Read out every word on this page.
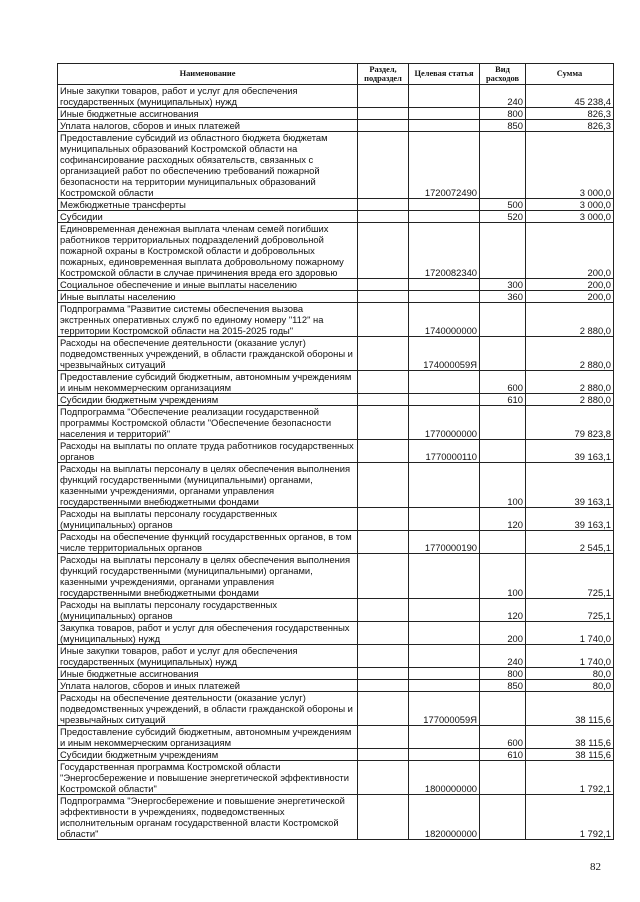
Наименование	Раздел, подраздел	Целевая статья	Вид расходов	Сумма
Иные закупки товаров, работ и услуг для обеспечения государственных (муниципальных) нужд			240	45 238,4
Иные бюджетные ассигнования			800	826,3
Уплата налогов, сборов и иных платежей			850	826,3
Предоставление субсидий из областного бюджета бюджетам муниципальных образований Костромской области на софинансирование расходных обязательств, связанных с организацией работ по обеспечению требований пожарной безопасности на территории муниципальных образований Костромской области		1720072490		3 000,0
Межбюджетные трансферты			500	3 000,0
Субсидии			520	3 000,0
Единовременная денежная выплата членам семей погибших работников территориальных подразделений добровольной пожарной охраны в Костромской области и добровольных пожарных, единовременная выплата добровольному пожарному Костромской области в случае причинения вреда его здоровью		1720082340		200,0
Социальное обеспечение и иные выплаты населению			300	200,0
Иные выплаты населению			360	200,0
Подпрограмма "Развитие системы обеспечения вызова экстренных оперативных служб по единому номеру "112" на территории Костромской области на 2015-2025 годы"		1740000000		2 880,0
Расходы на обеспечение деятельности (оказание услуг) подведомственных учреждений, в области гражданской обороны и чрезвычайных ситуаций		174000059Я		2 880,0
Предоставление субсидий бюджетным, автономным учреждениям и иным некоммерческим организациям			600	2 880,0
Субсидии бюджетным учреждениям			610	2 880,0
Подпрограмма "Обеспечение реализации государственной программы Костромской области "Обеспечение безопасности населения и территорий"		1770000000		79 823,8
Расходы на выплаты по оплате труда работников государственных органов		1770000110		39 163,1
Расходы на выплаты персоналу в целях обеспечения выполнения функций государственными (муниципальными) органами, казенными учреждениями, органами управления государственными внебюджетными фондами			100	39 163,1
Расходы на выплаты персоналу государственных (муниципальных) органов			120	39 163,1
Расходы на обеспечение функций государственных органов, в том числе территориальных органов		1770000190		2 545,1
Расходы на выплаты персоналу в целях обеспечения выполнения функций государственными (муниципальными) органами, казенными учреждениями, органами управления государственными внебюджетными фондами			100	725,1
Расходы на выплаты персоналу государственных (муниципальных) органов			120	725,1
Закупка товаров, работ и услуг для обеспечения государственных (муниципальных) нужд			200	1 740,0
Иные закупки товаров, работ и услуг для обеспечения государственных (муниципальных) нужд			240	1 740,0
Иные бюджетные ассигнования			800	80,0
Уплата налогов, сборов и иных платежей			850	80,0
Расходы на обеспечение деятельности (оказание услуг) подведомственных учреждений, в области гражданской обороны и чрезвычайных ситуаций		177000059Я		38 115,6
Предоставление субсидий бюджетным, автономным учреждениям и иным некоммерческим организациям			600	38 115,6
Субсидии бюджетным учреждениям			610	38 115,6
Государственная программа Костромской области "Энергосбережение и повышение энергетической эффективности Костромской области"		1800000000		1 792,1
Подпрограмма "Энергосбережение и повышение энергетической эффективности в учреждениях, подведомственных исполнительным органам государственной власти Костромской области"		1820000000		1 792,1
82
